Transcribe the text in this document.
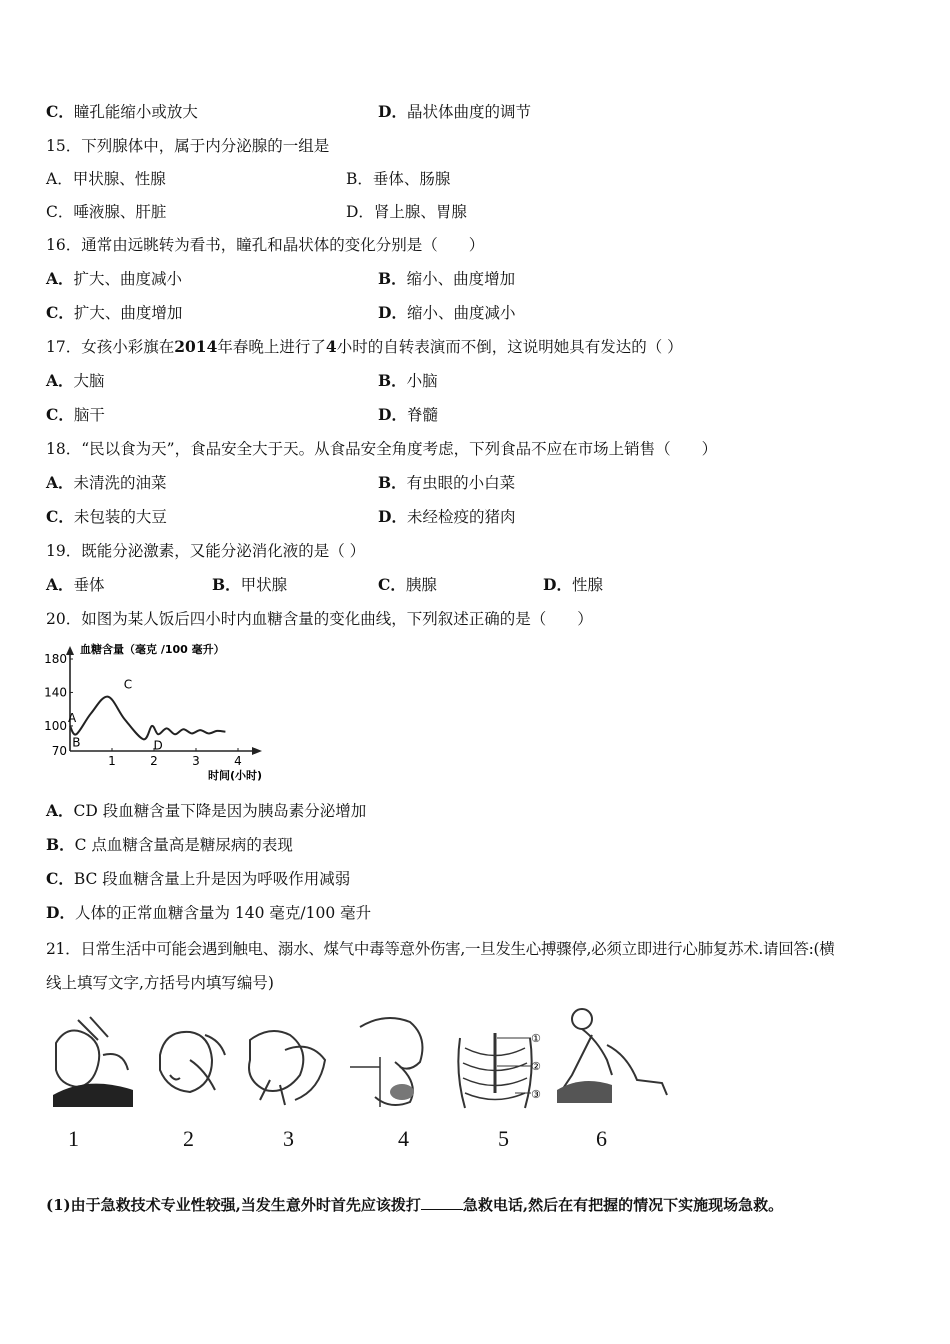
C．瞳孔能缩小或放大	D．晶状体曲度的调节
15．下列腺体中，属于内分泌腺的一组是
A．甲状腺、性腺	B．垂体、肠腺
C．唾液腺、肝脏	D．肾上腺、胃腺
16．通常由远眺转为看书，瞳孔和晶状体的变化分别是（　　）
A．扩大、曲度减小	B．缩小、曲度增加
C．扩大、曲度增加	D．缩小、曲度减小
17．女孩小彩旗在2014年春晚上进行了4小时的自转表演而不倒，这说明她具有发达的（ ）
A．大脑	B．小脑
C．脑干	D．脊髓
18．“民以食为天”，食品安全大于天。从食品安全角度考虑，下列食品不应在市场上销售（　　）
A．未清洗的油菜	B．有虫眼的小白菜
C．未包装的大豆	D．未经检疫的猪肉
19．既能分泌激素，又能分泌消化液的是（ ）
A．垂体	B．甲状腺	C．胰腺	D．性腺
20．如图为某人饭后四小时内血糖含量的变化曲线，下列叙述正确的是（　　）
180
140
100
70
1	2	3	4
A
B
C
D
血糖含量（毫克 /100 毫升）
时间(小时)
A．CD 段血糖含量下降是因为胰岛素分泌增加
B．C 点血糖含量高是糖尿病的表现
C．BC 段血糖含量上升是因为呼吸作用减弱
D．人体的正常血糖含量为 140 毫克/100 毫升
21．日常生活中可能会遇到触电、溺水、煤气中毒等意外伤害,一旦发生心搏骤停,必须立即进行心肺复苏术.请回答:(横
线上填写文字,方括号内填写编号)
①
②
③
1	2	3	4	5	6
(1)由于急救技术专业性较强,当发生意外时首先应该拨打	急救电话,然后在有把握的情况下实施现场急救。
